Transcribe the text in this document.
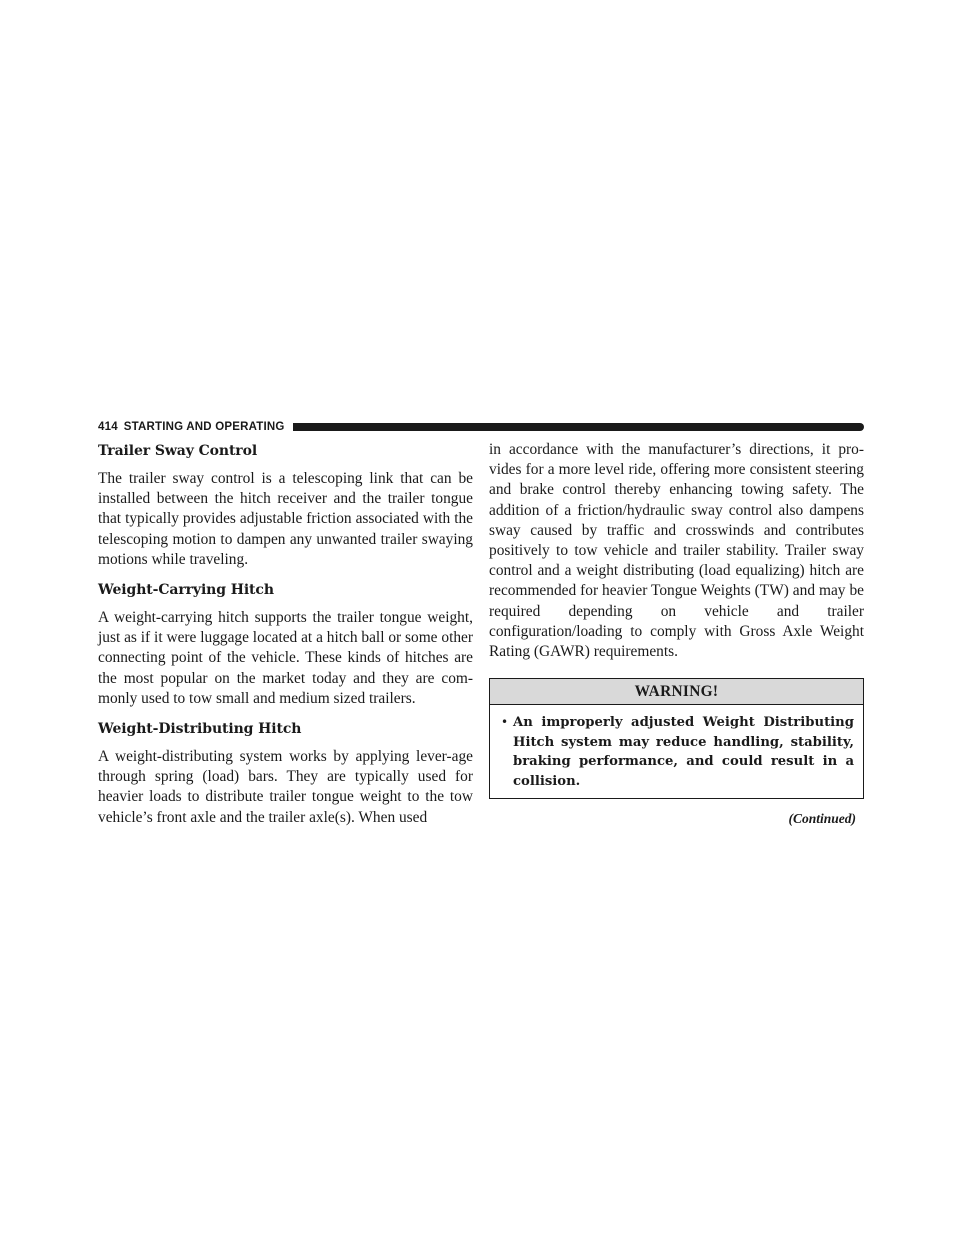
414 STARTING AND OPERATING
Trailer Sway Control

The trailer sway control is a telescoping link that can be installed between the hitch receiver and the trailer tongue that typically provides adjustable friction associated with the telescoping motion to dampen any unwanted trailer swaying motions while traveling.

Weight-Carrying Hitch

A weight-carrying hitch supports the trailer tongue weight, just as if it were luggage located at a hitch ball or some other connecting point of the vehicle. These kinds of hitches are the most popular on the market today and they are com-monly used to tow small and medium sized trailers.

Weight-Distributing Hitch

A weight-distributing system works by applying lever-age through spring (load) bars. They are typically used for heavier loads to distribute trailer tongue weight to the tow vehicle’s front axle and the trailer axle(s). When used

in accordance with the manufacturer’s directions, it pro-vides for a more level ride, offering more consistent steering and brake control thereby enhancing towing safety. The addition of a friction/hydraulic sway control also dampens sway caused by traffic and crosswinds and contributes positively to tow vehicle and trailer stability. Trailer sway control and a weight distributing (load equalizing) hitch are recommended for heavier Tongue Weights (TW) and may be required depending on vehicle and trailer configuration/loading to comply with Gross Axle Weight Rating (GAWR) requirements.

WARNING!
• An improperly adjusted Weight Distributing Hitch system may reduce handling, stability, braking performance, and could result in a collision.
(Continued)
